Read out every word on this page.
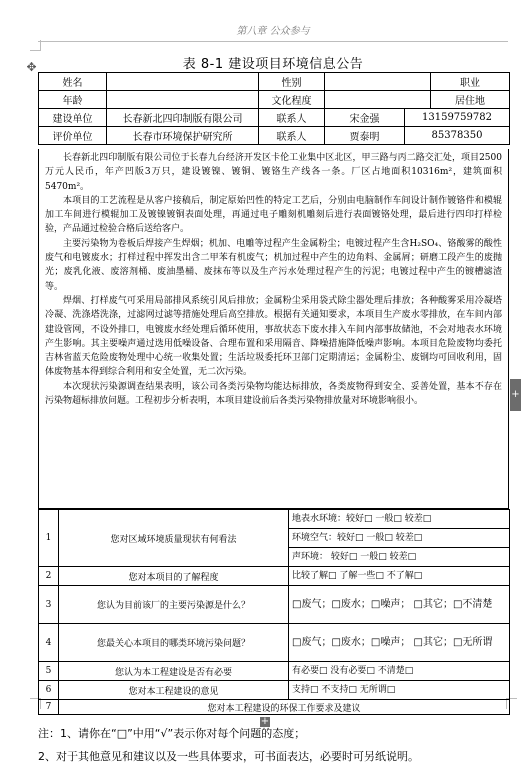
第八章 公众参与
✥
+
表 8-1 建设项目环境信息公告
姓名		性别			职业
年龄		文化程度			居住地
建设单位	长春新北四印制版有限公司	联系人	宋金强	13159759782	
评价单位	长春市环境保护研究所	联系人	贾泰明	85378350	

长春新北四印制版有限公司位于长春九台经济开发区卡伦工业集中区北区，甲三路与丙二路交汇处，项目2500万元人民币，年产凹版3万只，建设镀镍、镀铜、镀铬生产线各一条。厂区占地面积10316m²，建筑面积5470m²。

本项目的工艺流程是从客户接稿后，制定原始凹性的特定工艺后，分别由电脑制作车间设计制作镀铬件和模辊加工车间进行模辊加工及镀镍镀铜表面处理，再通过电子雕刻机雕刻后进行表面镀铬处理，最后进行四印打样检验，产品通过检验合格后送给客户。

主要污染物为卷板后焊接产生焊烟；机加、电雕等过程产生金属粉尘；电镀过程产生含H₂SO₄、铬酸雾的酸性废气和电镀废水；打样过程中挥发出含二甲苯有机废气；机加过程中产生的边角料、金属屑；研磨工段产生的废抛光；废乳化液、废溶剂桶、废油墨桶、废抹布等以及生产污水处理过程产生的污泥；电镀过程中产生的镀槽滤渣等。

焊烟、打样废气可采用局部排风系统引风后排放；金属粉尘采用袋式除尘器处理后排放；各种酸雾采用冷凝塔冷凝、洗涤塔洗涤，过滤网过滤等措施处理后高空排放。根据有关通知要求，本项目生产废水零排放，在车间内部建设管网，不设外排口，电镀废水经处理后循环使用，事故状态下废水排入车间内部事故储池，不会对地表水环境产生影响。其主要噪声通过选用低噪设备、合理布置和采用隔音、降噪措施降低噪声影响。本项目危险废物均委托吉林省蓝天危险废物处理中心统一收集处置；生活垃圾委托环卫部门定期清运；金属粉尘、废钢均可回收利用，固体废物基本得到综合利用和安全处置，无二次污染。

本次现状污染源调查结果表明，该公司各类污染物均能达标排放，各类废物得到安全、妥善处置，基本不存在污染物超标排放问题。工程初步分析表明，本项目建设前后各类污染物排放量对环境影响很小。

1	您对区域环境质量现状有何看法	地表水环境：较好□ 一般□ 较差□
环境空气：较好□ 一般□ 较差□
声环境： 较好□ 一般□ 较差□

2	您对本项目的了解程度	比较了解□ 了解一些□ 不了解□
3	您认为目前该厂的主要污染源是什么？	□废气；□废水；□噪声； □其它；□不清楚
4	您最关心本项目的哪类环境污染问题？	□废气；□废水；□噪声； □其它；□无所谓
5	您认为本工程建设是否有必要	有必要□ 没有必要□ 不清楚□
6	您对本工程建设的意见	支持□ 不支持□ 无所谓□
7	您对本工程建设的环保工作要求及建议	
+
注：1、请你在“□”中用“√”表示你对每个问题的态度；
2、对于其他意见和建议以及一些具体要求，可书面表达，必要时可另纸说明。
